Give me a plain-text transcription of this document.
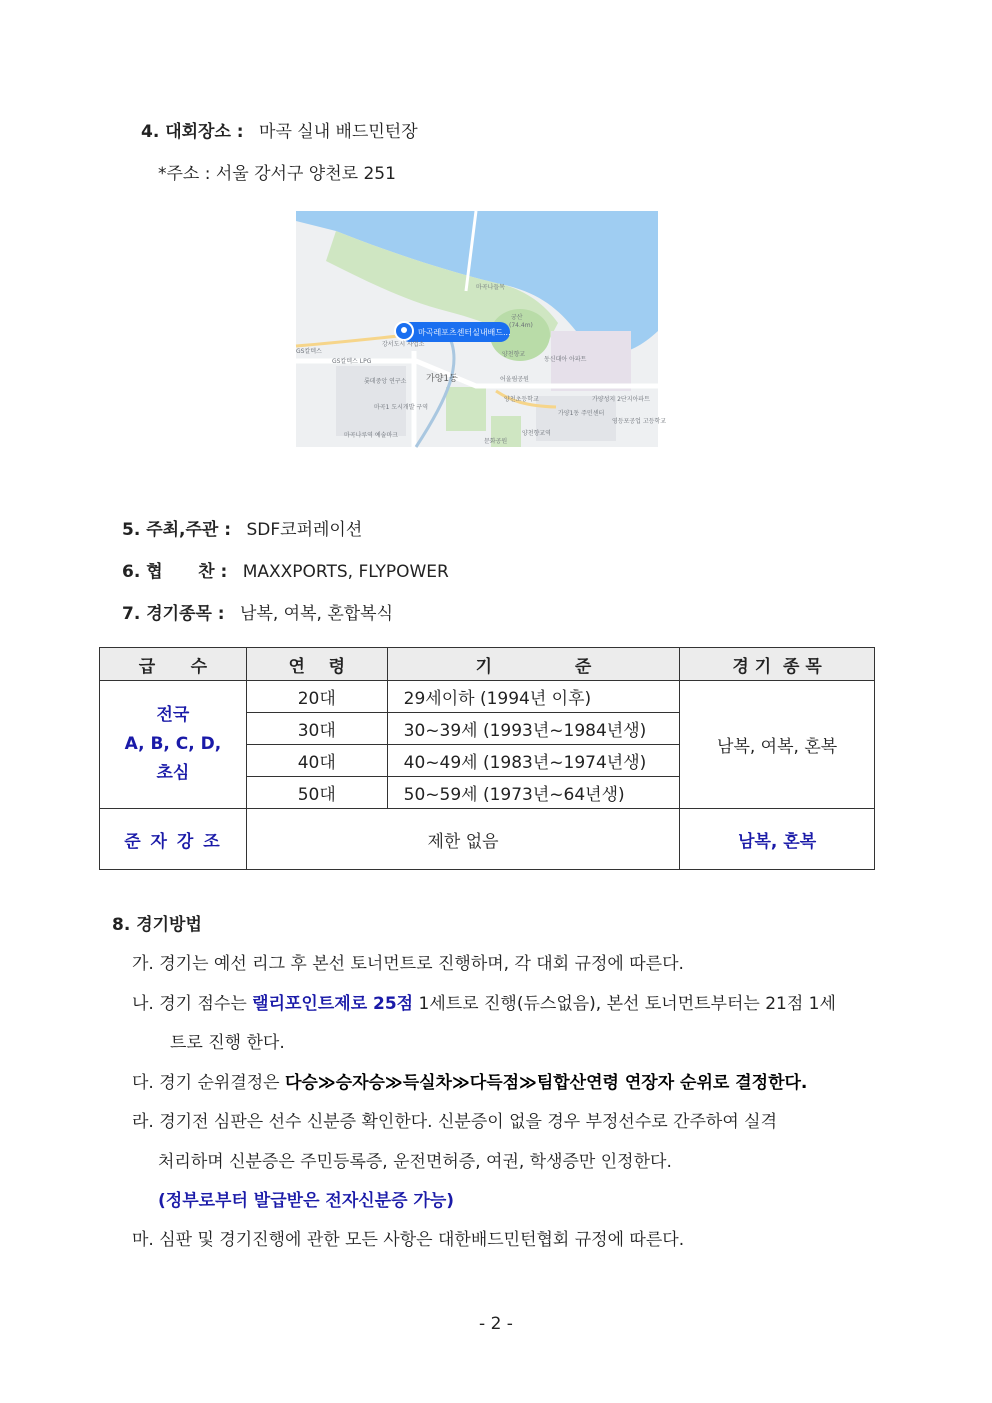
4. 대회장소 : 마곡 실내 배드민턴장
*주소 : 서울 강서구 양천로 251
마곡레포츠센터실내배드...
마곡나들목
궁산
(74.4m)
양천향교
GS칼텍스
GS칼텍스 LPG
강서도시 사업소
롯데중앙 연구소
마곡1 도시개발 구역
마곡나루역 예술마크
어울림공원
동신대아 아파트
양천초등학교	가양성지 2단지아파트
가양1동 주민센터
영등포공업 고등학교
양천향교역
문화공원
가양1동
5. 주최,주관 : SDF코퍼레이션
6. 협      찬 : MAXXPORTS, FLYPOWER
7. 경기종목 : 남복, 여복, 혼합복식
급      수	연    령	기              준	경 기  종 목

전국
A, B, C, D,
초심	20대	29세이하 (1994년 이후)	남복, 여복, 혼복
	30대	30~39세 (1993년~1984년생)	
	40대	40~49세 (1983년~1974년생)	
	50대	50~59세 (1973년~64년생)	
준 자 강 조	제한 없음		남복, 혼복
8. 경기방법
가. 경기는 예선 리그 후 본선 토너먼트로 진행하며, 각 대회 규정에 따른다.
나. 경기 점수는 랠리포인트제로 25점 1세트로 진행(듀스없음), 본선 토너먼트부터는 21점 1세
트로 진행 한다.
다. 경기 순위결정은 다승≫승자승≫득실차≫다득점≫팀합산연령 연장자 순위로 결정한다.
라. 경기전 심판은 선수 신분증 확인한다. 신분증이 없을 경우 부정선수로 간주하여 실격
처리하며 신분증은 주민등록증, 운전면허증, 여권, 학생증만 인정한다.
(정부로부터 발급받은 전자신분증 가능)
마. 심판 및 경기진행에 관한 모든 사항은 대한배드민턴협회 규정에 따른다.
- 2 -
